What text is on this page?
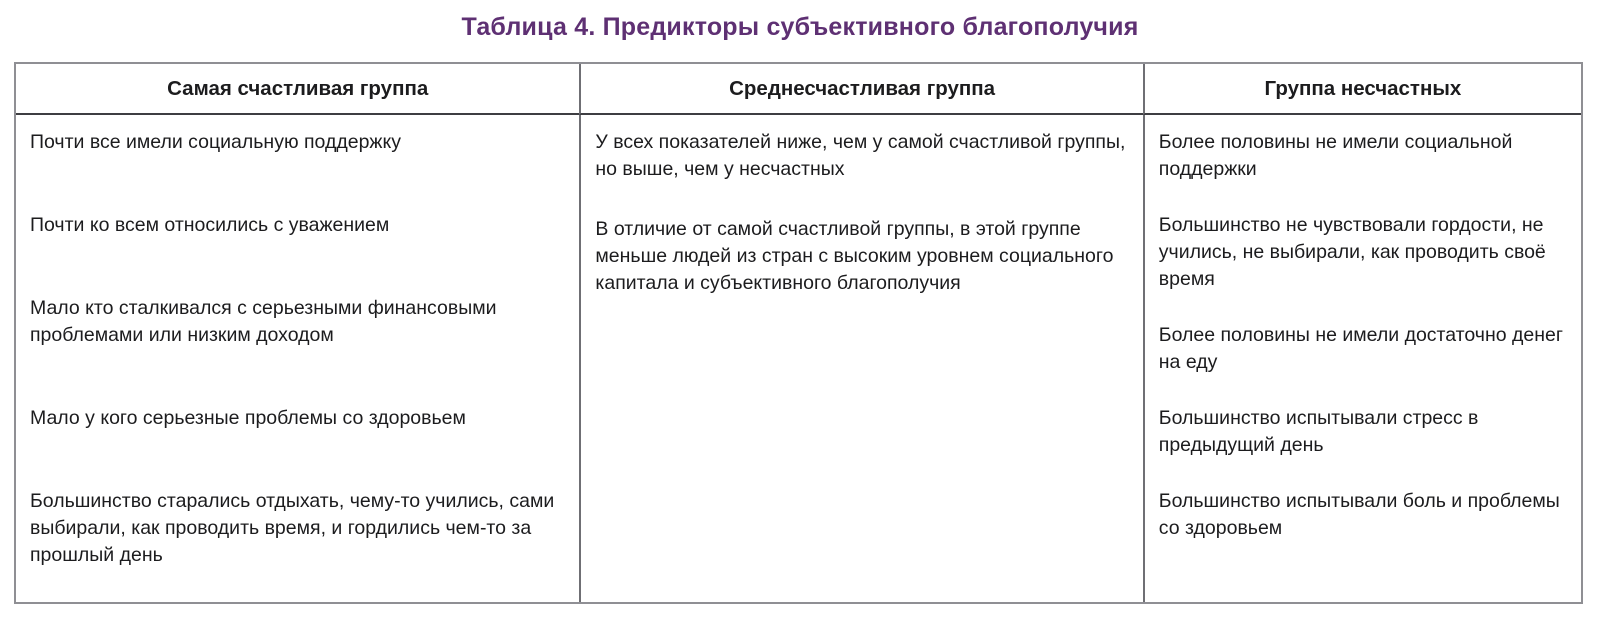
Таблица 4. Предикторы субъективного благополучия
Самая счастливая группа	Среднесчастливая группа	Группа несчастных

Почти все имели социальную поддержку

Почти ко всем относились с уважением

Мало кто сталкивался с серьезными финансовыми проблемами или низким доходом

Мало у кого серьезные проблемы со здоровьем

Большинство старались отдыхать, чему-то учились, сами выбирали, как проводить время, и гордились чем-то за прошлый день

У всех показателей ниже, чем у самой счастливой группы, но выше, чем у несчастных

В отличие от самой счастливой группы, в этой группе меньше людей из стран с высоким уровнем социального капитала и субъективного благополучия

Более половины не имели социальной поддержки

Большинство не чувствовали гордости, не учились, не выбирали, как проводить своё время

Более половины не имели достаточно денег на еду

Большинство испытывали стресс в предыдущий день

Большинство испытывали боль и проблемы со здоровьем
